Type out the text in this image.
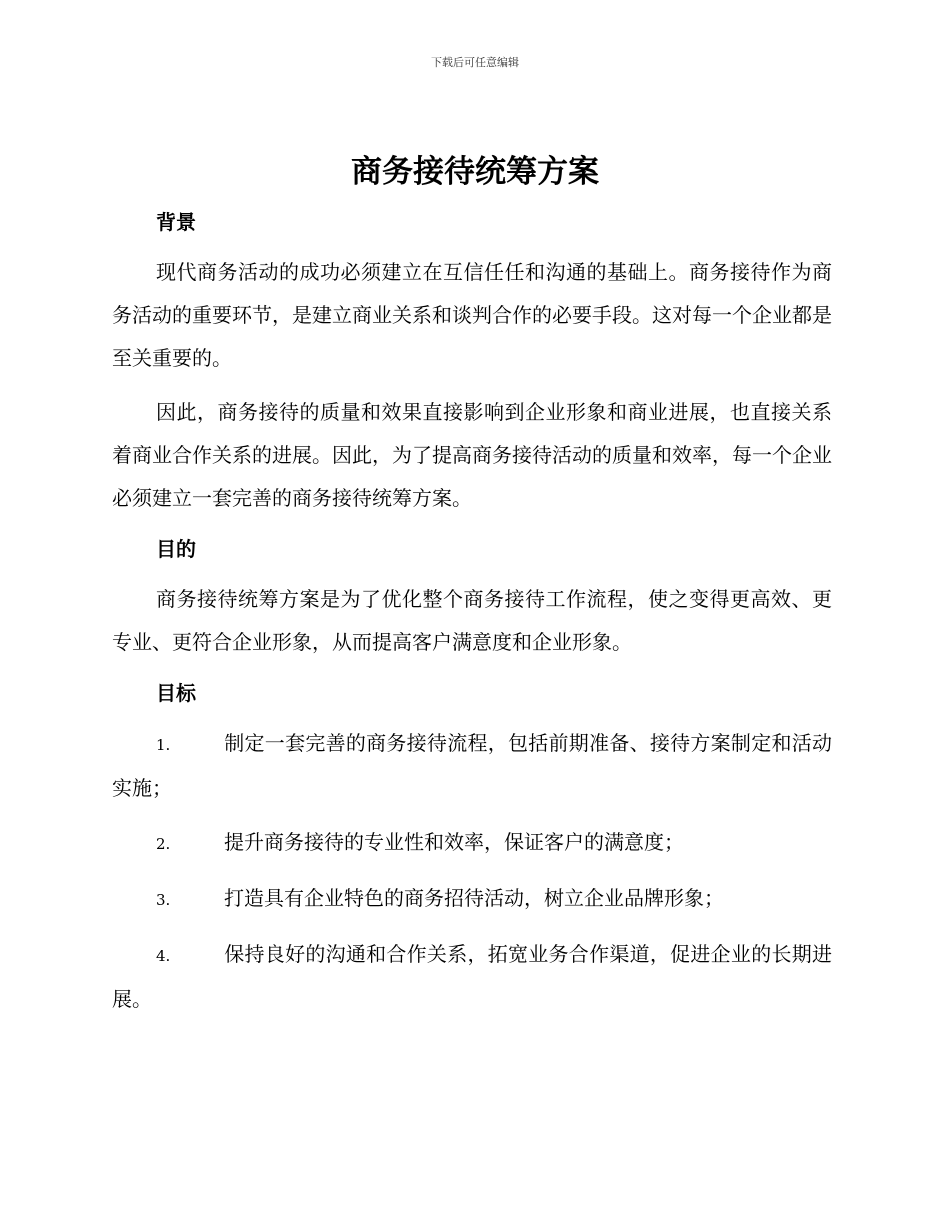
下载后可任意编辑
商务接待统筹方案
背景

现代商务活动的成功必须建立在互信任任和沟通的基础上。商务接待作为商务活动的重要环节，是建立商业关系和谈判合作的必要手段。这对每一个企业都是至关重要的。

因此，商务接待的质量和效果直接影响到企业形象和商业进展，也直接关系着商业合作关系的进展。因此，为了提高商务接待活动的质量和效率，每一个企业必须建立一套完善的商务接待统筹方案。

目的

商务接待统筹方案是为了优化整个商务接待工作流程，使之变得更高效、更专业、更符合企业形象，从而提高客户满意度和企业形象。

目标

1.	制定一套完善的商务接待流程，包括前期准备、接待方案制定和活动实施；

2.	提升商务接待的专业性和效率，保证客户的满意度；

3.	打造具有企业特色的商务招待活动，树立企业品牌形象；

4.	保持良好的沟通和合作关系，拓宽业务合作渠道，促进企业的长期进展。
